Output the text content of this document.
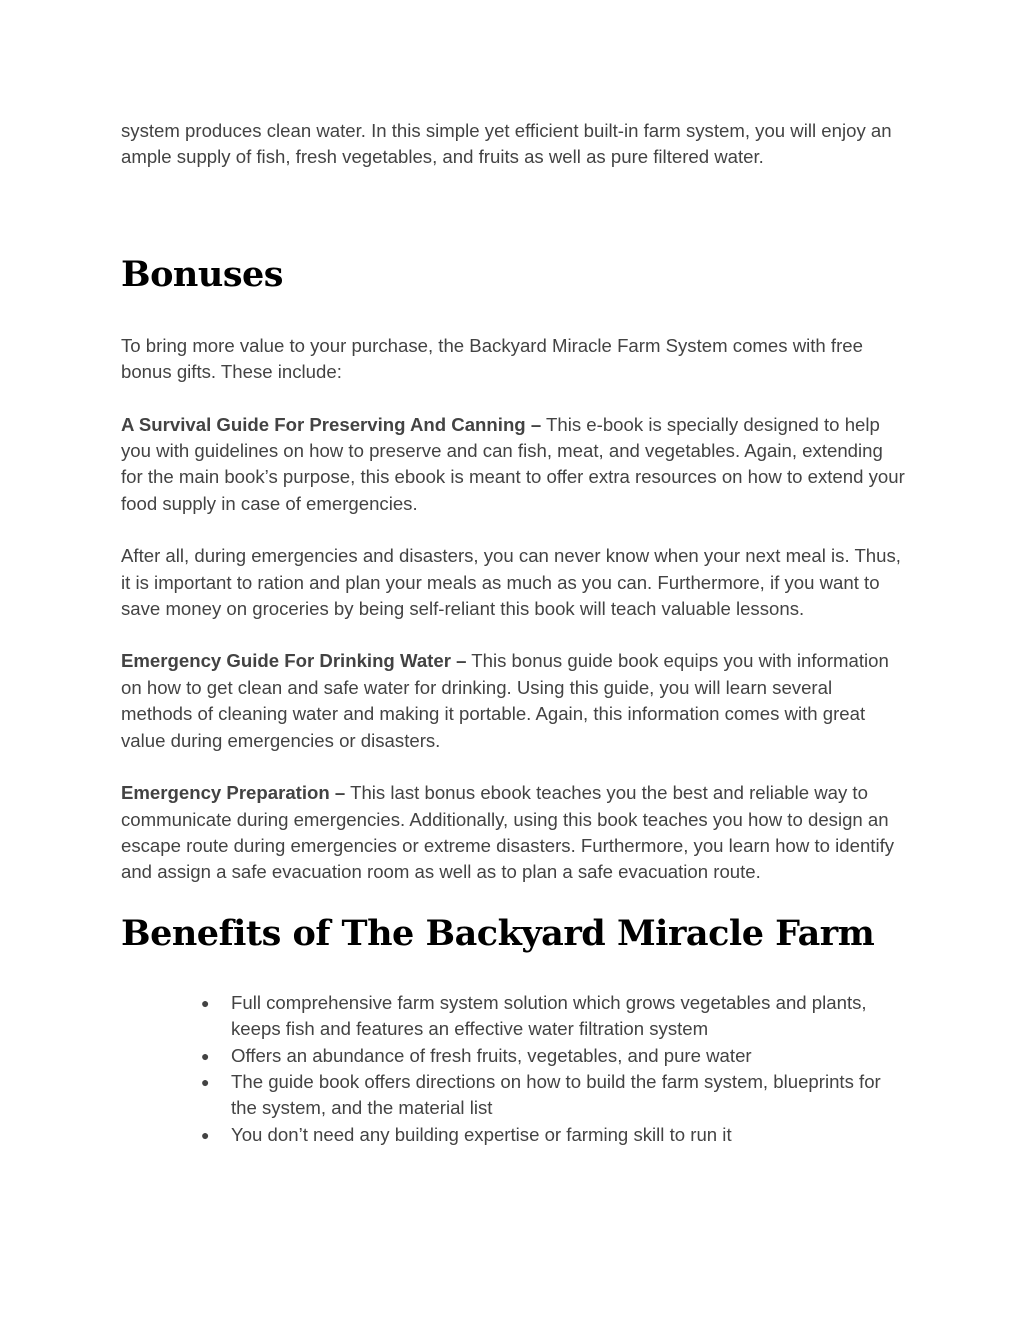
system produces clean water. In this simple yet efficient built-in farm system, you will enjoy an ample supply of fish, fresh vegetables, and fruits as well as pure filtered water.

Bonuses

To bring more value to your purchase, the Backyard Miracle Farm System comes with free bonus gifts. These include:

A Survival Guide For Preserving And Canning – This e-book is specially designed to help you with guidelines on how to preserve and can fish, meat, and vegetables. Again, extending for the main book’s purpose, this ebook is meant to offer extra resources on how to extend your food supply in case of emergencies.

After all, during emergencies and disasters, you can never know when your next meal is. Thus, it is important to ration and plan your meals as much as you can. Furthermore, if you want to save money on groceries by being self-reliant this book will teach valuable lessons.

Emergency Guide For Drinking Water – This bonus guide book equips you with information on how to get clean and safe water for drinking. Using this guide, you will learn several methods of cleaning water and making it portable. Again, this information comes with great value during emergencies or disasters.

Emergency Preparation – This last bonus ebook teaches you the best and reliable way to communicate during emergencies. Additionally, using this book teaches you how to design an escape route during emergencies or extreme disasters. Furthermore, you learn how to identify and assign a safe evacuation room as well as to plan a safe evacuation route.

Benefits of The Backyard Miracle Farm
● Full comprehensive farm system solution which grows vegetables and plants, keeps fish and features an effective water filtration system
● Offers an abundance of fresh fruits, vegetables, and pure water
● The guide book offers directions on how to build the farm system, blueprints for the system, and the material list
● You don’t need any building expertise or farming skill to run it
